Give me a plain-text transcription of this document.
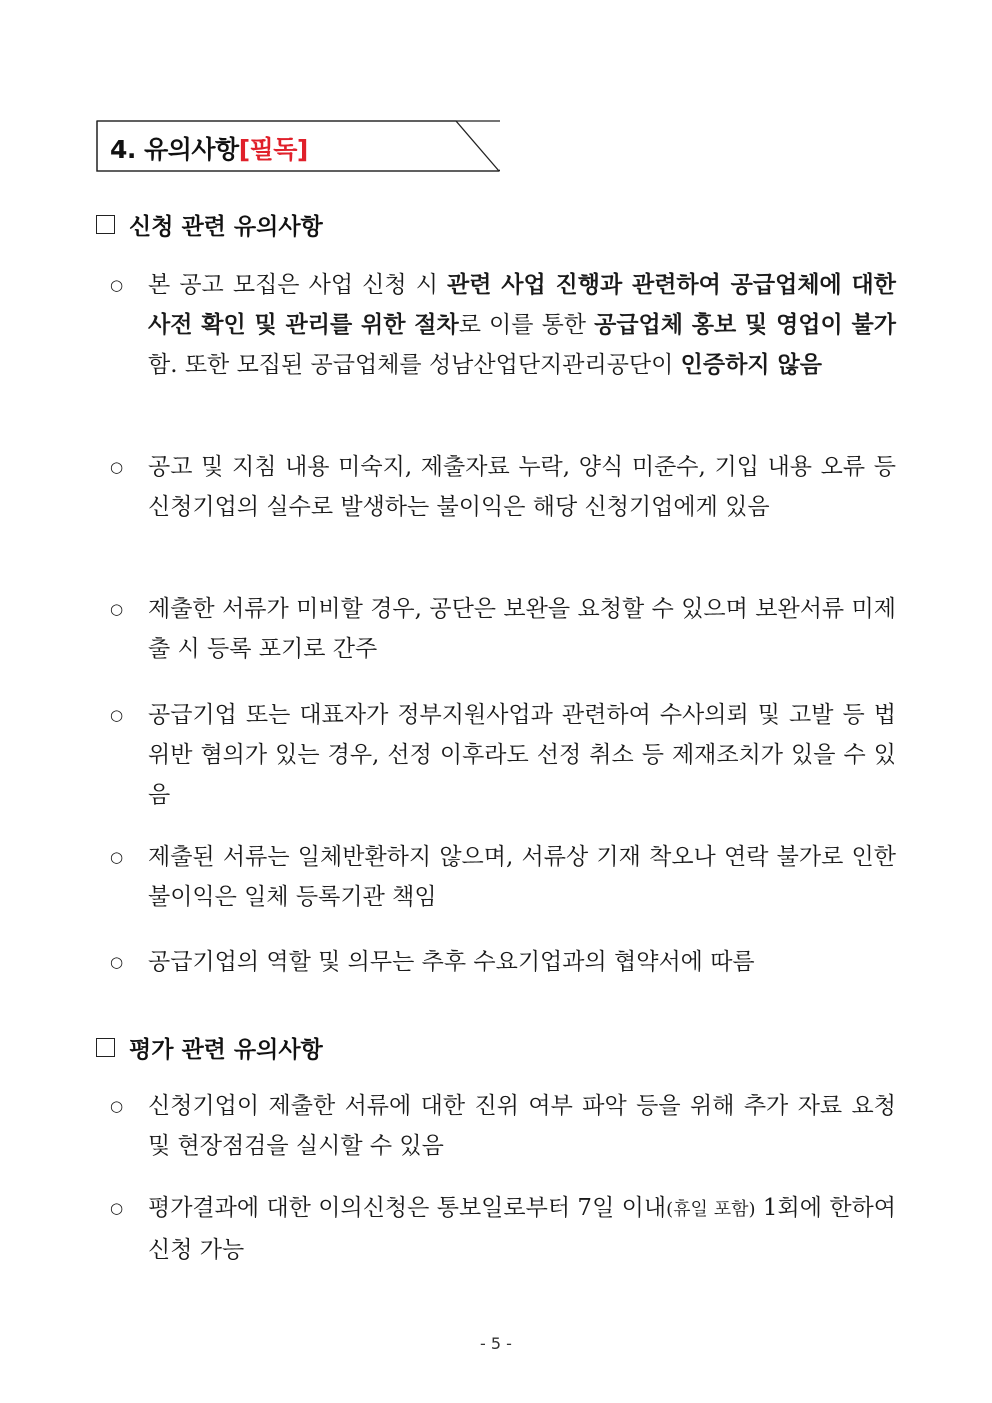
4. 유의사항[필독]
신청 관련 유의사항
○ 본 공고 모집은 사업 신청 시 관련 사업 진행과 관련하여 공급업체에 대한 사전 확인 및 관리를 위한 절차로 이를 통한 공급업체 홍보 및 영업이 불가함. 또한 모집된 공급업체를 성남산업단지관리공단이 인증하지 않음
○ 공고 및 지침 내용 미숙지, 제출자료 누락, 양식 미준수, 기입 내용 오류 등 신청기업의 실수로 발생하는 불이익은 해당 신청기업에게 있음
○ 제출한 서류가 미비할 경우, 공단은 보완을 요청할 수 있으며 보완서류 미제출 시 등록 포기로 간주
○ 공급기업 또는 대표자가 정부지원사업과 관련하여 수사의뢰 및 고발 등 법위반 혐의가 있는 경우, 선정 이후라도 선정 취소 등 제재조치가 있을 수 있음
○ 제출된 서류는 일체반환하지 않으며, 서류상 기재 착오나 연락 불가로 인한 불이익은 일체 등록기관 책임
○ 공급기업의 역할 및 의무는 추후 수요기업과의 협약서에 따름
평가 관련 유의사항
○ 신청기업이 제출한 서류에 대한 진위 여부 파악 등을 위해 추가 자료 요청 및 현장점검을 실시할 수 있음
○ 평가결과에 대한 이의신청은 통보일로부터 7일 이내(휴일 포함) 1회에 한하여 신청 가능
- 5 -
